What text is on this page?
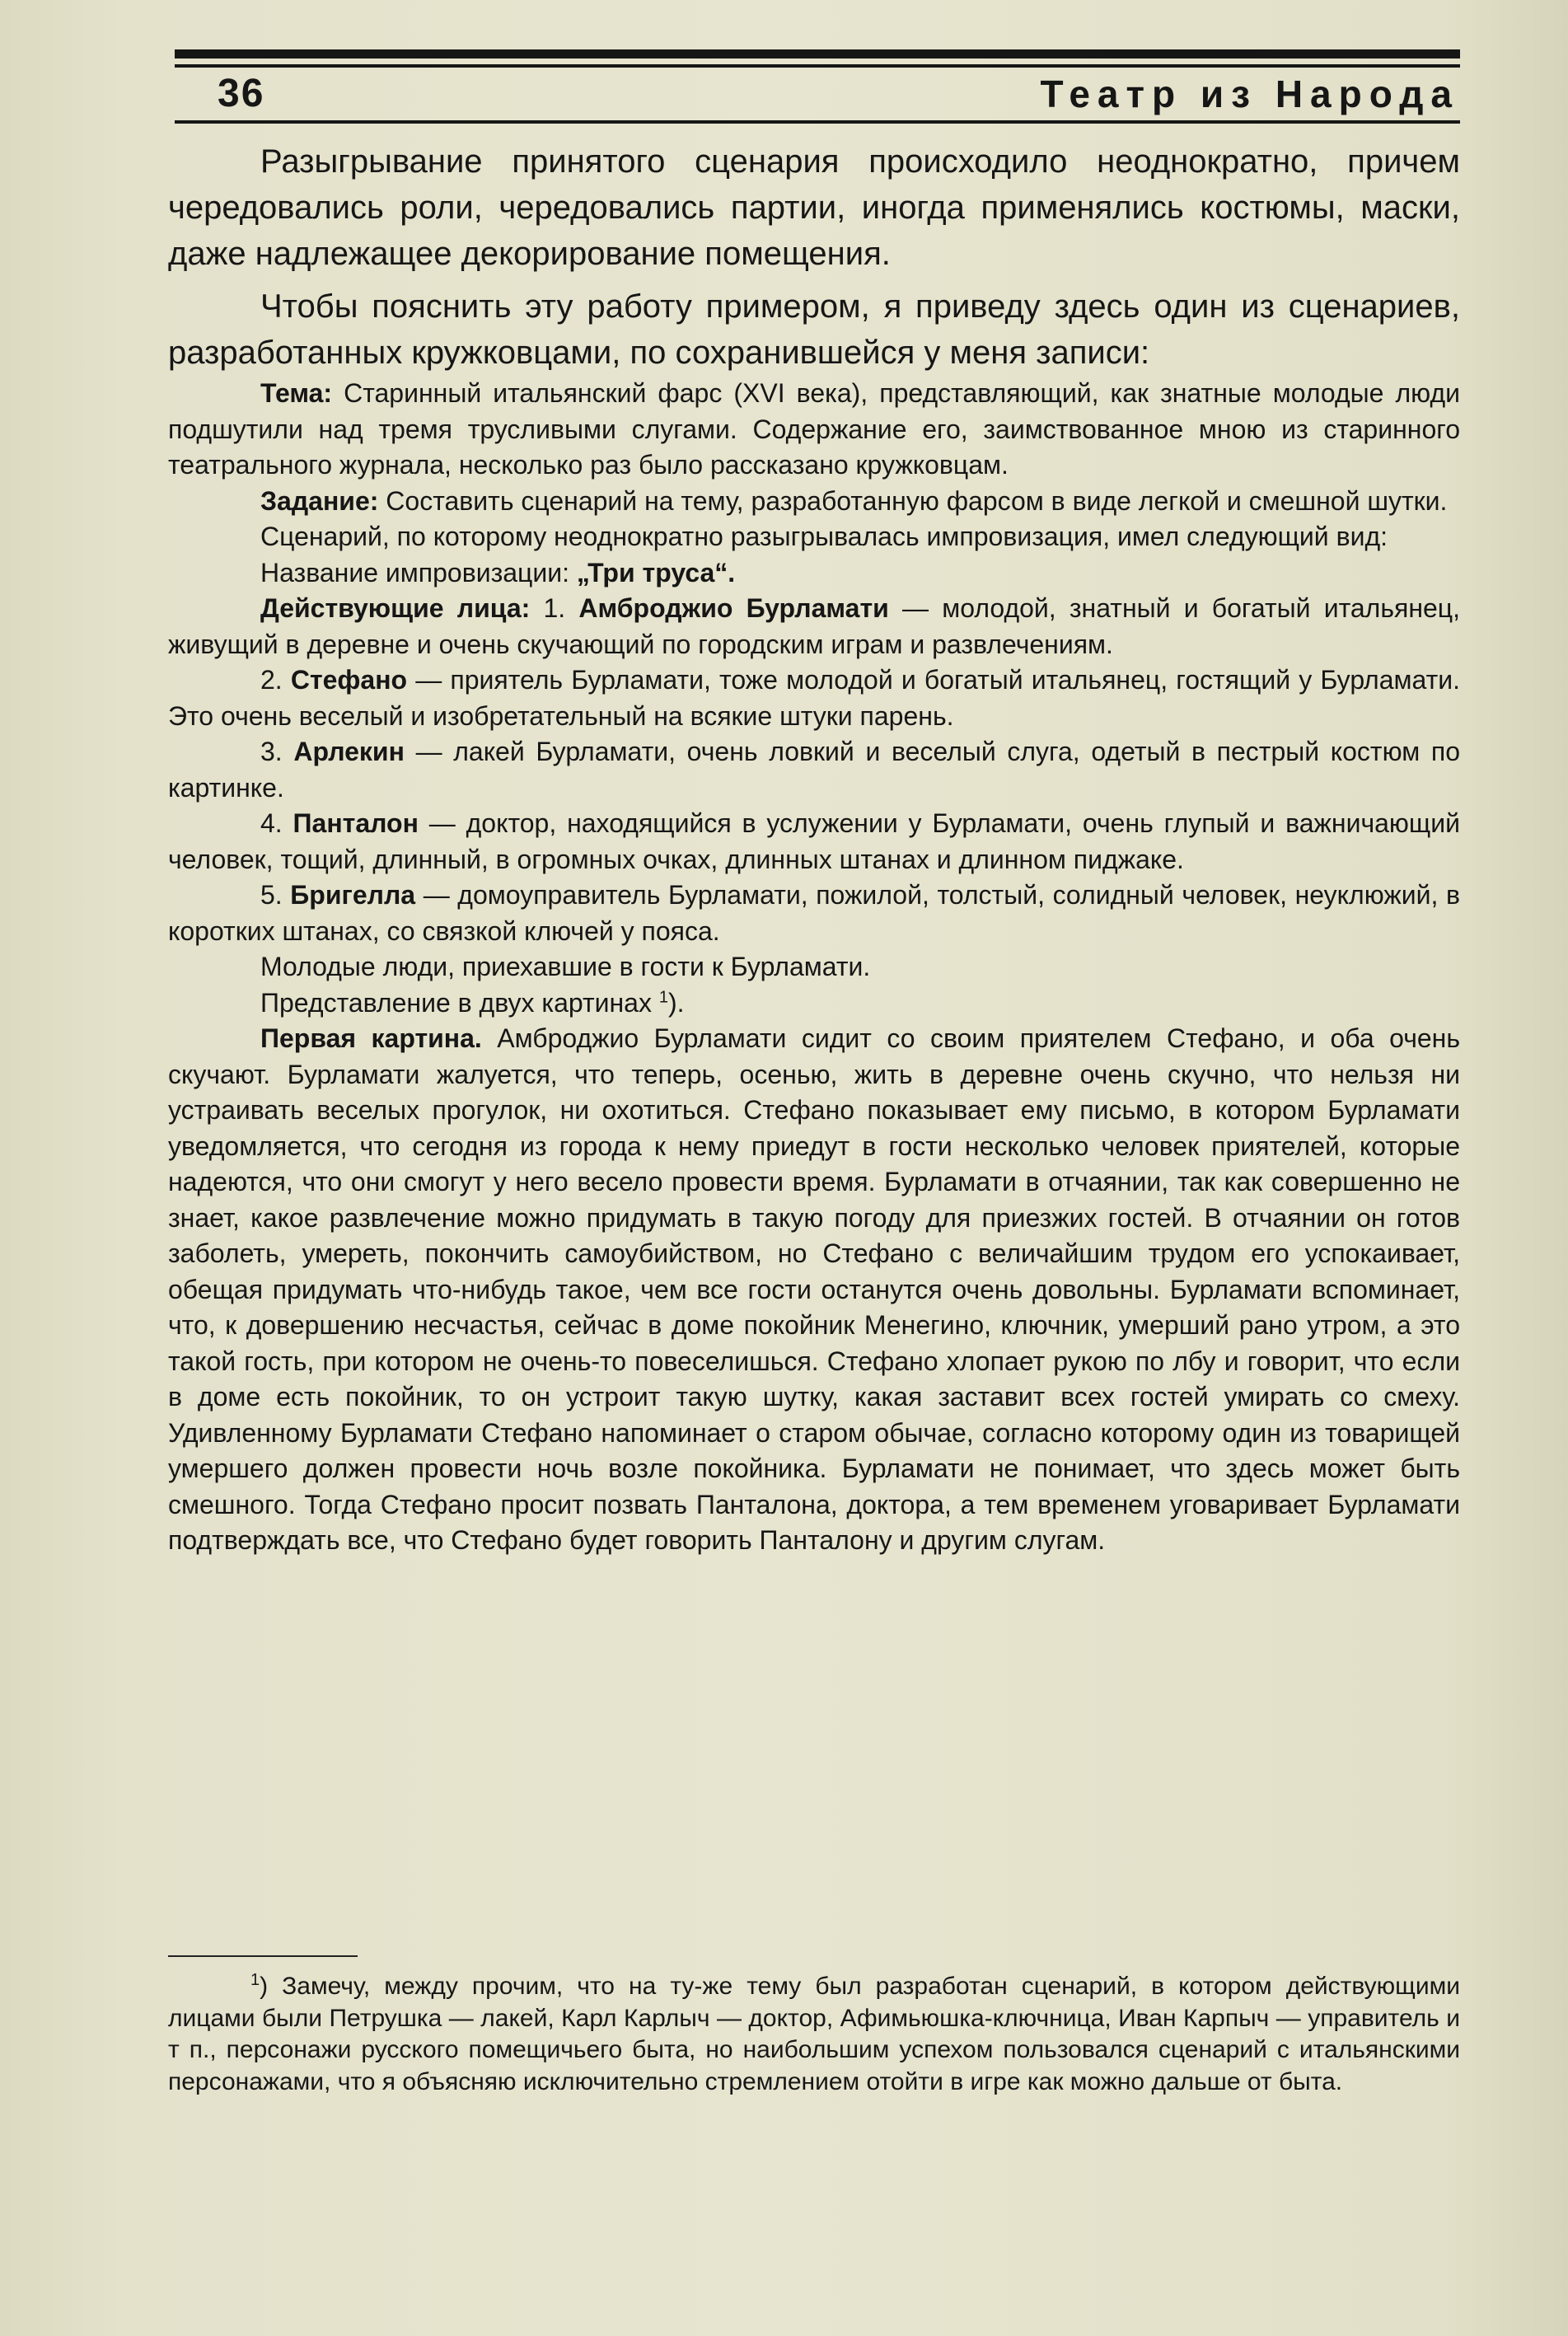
36	Театр из Народа

Разыгрывание принятого сценария происходило неоднократно, причем чередовались роли, чередовались партии, иногда применялись костюмы, маски, даже надлежащее декорирование помещения.

Чтобы пояснить эту работу примером, я приведу здесь один из сценариев, разработанных кружковцами, по сохранившейся у меня записи:

Тема: Старинный итальянский фарс (XVI века), представляющий, как знатные молодые люди подшутили над тремя трусливыми слугами. Содержание его, заимствованное мною из старинного театрального журнала, несколько раз было рассказано кружковцам.

Задание: Составить сценарий на тему, разработанную фарсом в виде легкой и смешной шутки.

Сценарий, по которому неоднократно разыгрывалась импровизация, имел следующий вид:

Название импровизации: „Три труса“.

Действующие лица: 1. Амброджио Бурламати — молодой, знатный и богатый итальянец, живущий в деревне и очень скучающий по городским играм и развлечениям.

2. Стефано — приятель Бурламати, тоже молодой и богатый итальянец, гостящий у Бурламати. Это очень веселый и изобретательный на всякие штуки парень.

3. Арлекин — лакей Бурламати, очень ловкий и веселый слуга, одетый в пестрый костюм по картинке.

4. Панталон — доктор, находящийся в услужении у Бурламати, очень глупый и важничающий человек, тощий, длинный, в огромных очках, длинных штанах и длинном пиджаке.

5. Бригелла — домоуправитель Бурламати, пожилой, толстый, солидный человек, неуклюжий, в коротких штанах, со связкой ключей у пояса.

Молодые люди, приехавшие в гости к Бурламати.

Представление в двух картинах $^1$).

Первая картина. Амброджио Бурламати сидит со своим приятелем Стефано, и оба очень скучают. Бурламати жалуется, что теперь, осенью, жить в деревне очень скучно, что нельзя ни устраивать веселых прогулок, ни охотиться. Стефано показывает ему письмо, в котором Бурламати уведомляется, что сегодня из города к нему приедут в гости несколько человек приятелей, которые надеются, что они смогут у него весело провести время. Бурламати в отчаянии, так как совершенно не знает, какое развлечение можно придумать в такую погоду для приезжих гостей. В отчаянии он готов заболеть, умереть, покончить самоубийством, но Стефано с величайшим трудом его успокаивает, обещая придумать что-нибудь такое, чем все гости останутся очень довольны. Бурламати вспоминает, что, к довершению несчастья, сейчас в доме покойник Менегино, ключник, умерший рано утром, а это такой гость, при котором не очень-то повеселишься. Стефано хлопает рукою по лбу и говорит, что если в доме есть покойник, то он устроит такую шутку, какая заставит всех гостей умирать со смеху. Удивленному Бурламати Стефано напоминает о старом обычае, согласно которому один из товарищей умершего должен провести ночь возле покойника. Бурламати не понимает, что здесь может быть смешного. Тогда Стефано просит позвать Панталона, доктора, а тем временем уговаривает Бурламати подтверждать все, что Стефано будет говорить Панталону и другим слугам.

$^1$) Замечу, между прочим, что на ту-же тему был разработан сценарий, в котором действующими лицами были Петрушка — лакей, Карл Карлыч — доктор, Афимьюшка-ключница, Иван Карпыч — управитель и т п., персонажи русского помещичьего быта, но наибольшим успехом пользовался сценарий с итальянскими персонажами, что я объясняю исключительно стремлением отойти в игре как можно дальше от быта.
